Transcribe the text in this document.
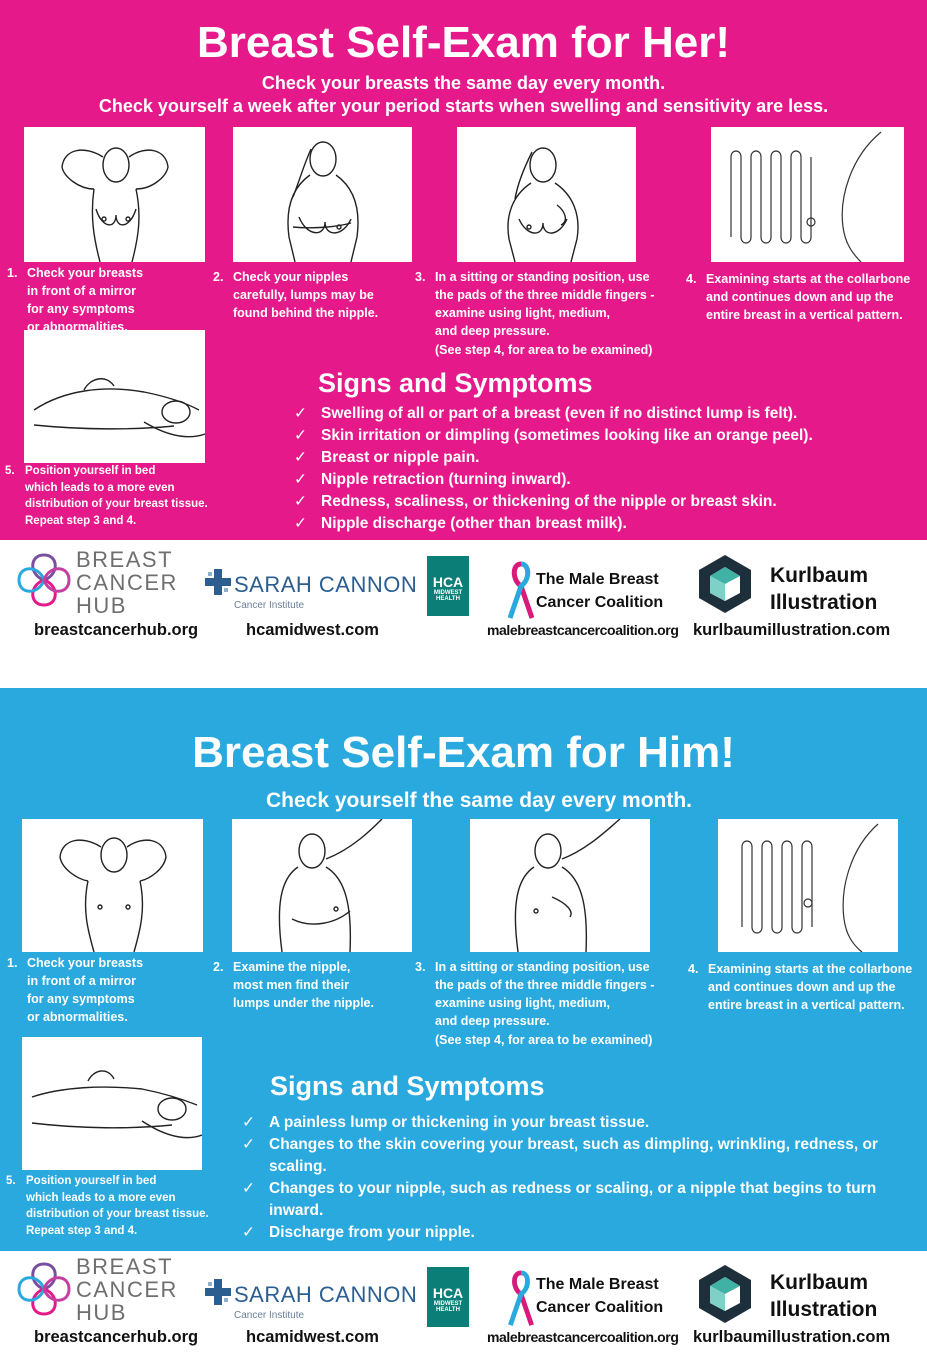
Breast Self-Exam for Her!
Check your breasts the same day every month.
Check yourself a week after your period starts when swelling and sensitivity are less.
1. Check your breasts
in front of a mirror
for any symptoms
or abnormalities.
2. Check your nipples
carefully, lumps may be
found behind the nipple.
3. In a sitting or standing position, use
the pads of the three middle fingers -
examine using light, medium,
and deep pressure.
(See step 4, for area to be examined)
4. Examining starts at the collarbone
and continues down and up the
entire breast in a vertical pattern.
5. Position yourself in bed
which leads to a more even
distribution of your breast tissue.
Repeat step 3 and 4.
Signs and Symptoms
✓ Swelling of all or part of a breast (even if no distinct lump is felt).
✓ Skin irritation or dimpling (sometimes looking like an orange peel).
✓ Breast or nipple pain.
✓ Nipple retraction (turning inward).
✓ Redness, scaliness, or thickening of the nipple or breast skin.
✓ Nipple discharge (other than breast milk).
BREAST
CANCER
HUB
breastcancerhub.org
SARAH CANNON
Cancer Institute
HCA
MIDWEST
HEALTH
hcamidwest.com
The Male Breast
Cancer Coalition
malebreastcancercoalition.org
Kurlbaum
Illustration
kurlbaumillustration.com
Breast Self-Exam for Him!
Check yourself the same day every month.
1. Check your breasts
in front of a mirror
for any symptoms
or abnormalities.
2. Examine the nipple,
most men find their
lumps under the nipple.
3. In a sitting or standing position, use
the pads of the three middle fingers -
examine using light, medium,
and deep pressure.
(See step 4, for area to be examined)
4. Examining starts at the collarbone
and continues down and up the
entire breast in a vertical pattern.
5. Position yourself in bed
which leads to a more even
distribution of your breast tissue.
Repeat step 3 and 4.
Signs and Symptoms
✓ A painless lump or thickening in your breast tissue.
✓ Changes to the skin covering your breast, such as dimpling, wrinkling, redness, or scaling.
✓ Changes to your nipple, such as redness or scaling, or a nipple that begins to turn inward.
✓ Discharge from your nipple.
BREAST
CANCER
HUB
breastcancerhub.org
SARAH CANNON
Cancer Institute
HCA
MIDWEST
HEALTH
hcamidwest.com
The Male Breast
Cancer Coalition
malebreastcancercoalition.org
Kurlbaum
Illustration
kurlbaumillustration.com
